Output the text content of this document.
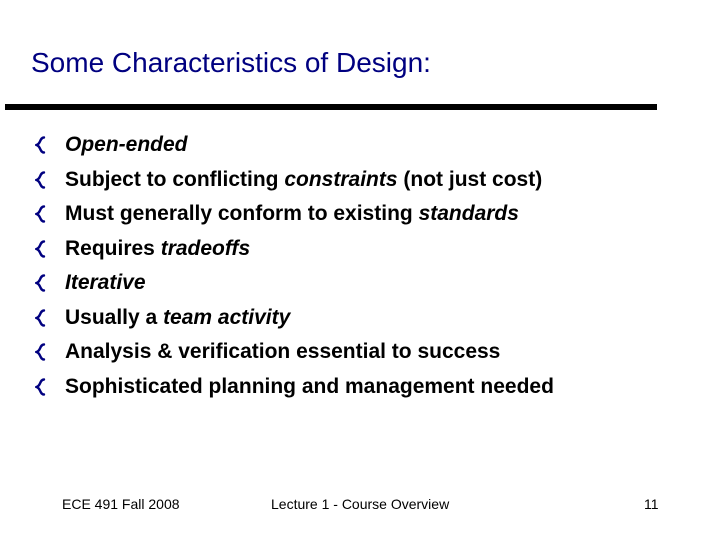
Some Characteristics of Design:
Open-ended
Subject to conflicting constraints (not just cost)
Must generally conform to existing standards
Requires tradeoffs
Iterative
Usually a team activity
Analysis & verification essential to success
Sophisticated planning and management needed
ECE 491 Fall 2008	Lecture 1 - Course Overview	11
